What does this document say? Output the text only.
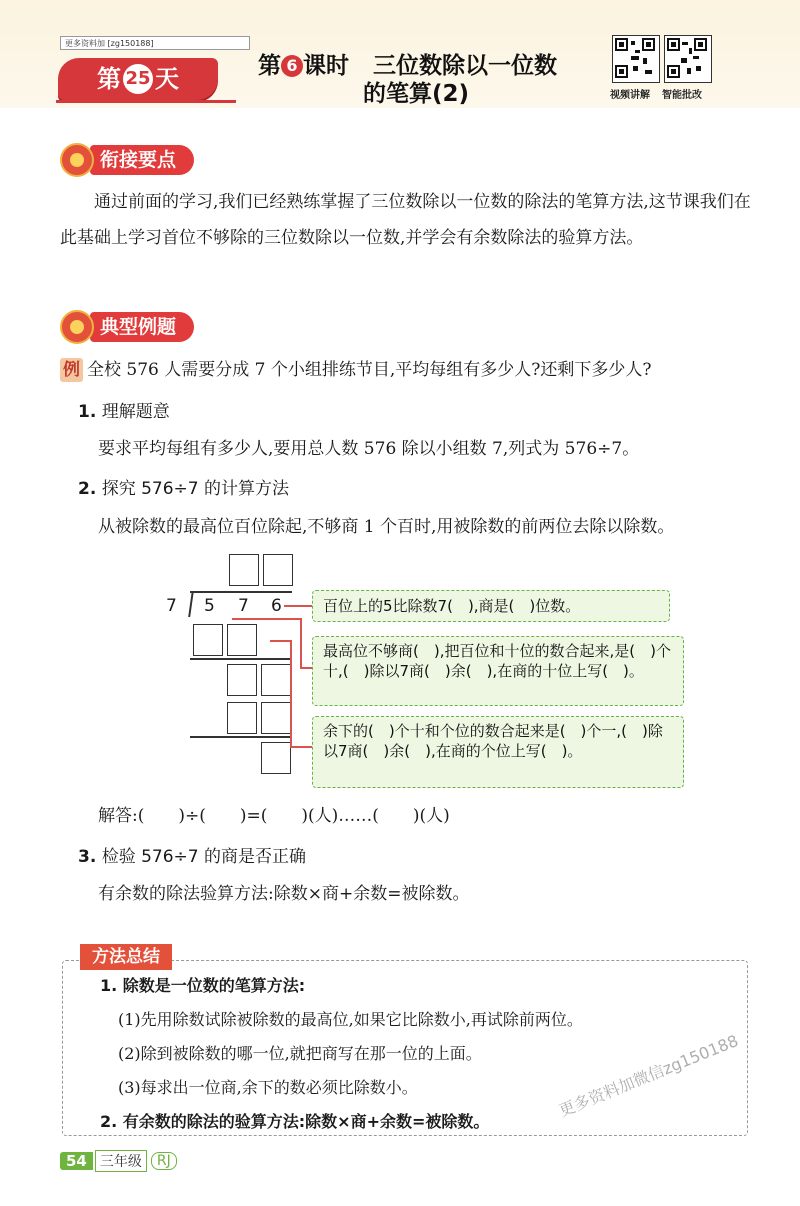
更多资料加 [zg150188]
第 25 天	第 6 课时 三位数除以一位数
的笔算(2)	视频讲解 智能批改
衔接要点
通过前面的学习,我们已经熟练掌握了三位数除以一位数的除法的笔算方法,这节课我们在此基础上学习首位不够除的三位数除以一位数,并学会有余数除法的验算方法。
典型例题
例 全校 576 人需要分成 7 个小组排练节目,平均每组有多少人?还剩下多少人?
1. 理解题意
要求平均每组有多少人,要用总人数 576 除以小组数 7,列式为 576÷7。
2. 探究 576÷7 的计算方法
从被除数的最高位百位除起,不够商 1 个百时,用被除数的前两位去除以除数。
7 5 7 6	百位上的5比除数7(　),商是(　)位数。
最高位不够商(　),把百位和十位的数合起来,是(　)个十,(　)除以7商(　)余(　),在商的十位上写(　)。
余下的(　)个十和个位的数合起来是(　)个一,(　)除以7商(　)余(　),在商的个位上写(　)。
解答:(　　)÷(　　)=(　　)(人)……(　　)(人)
3. 检验 576÷7 的商是否正确
有余数的除法验算方法:除数×商+余数=被除数。
方法总结
1. 除数是一位数的笔算方法:
(1)先用除数试除被除数的最高位,如果它比除数小,再试除前两位。
(2)除到被除数的哪一位,就把商写在那一位的上面。
(3)每求出一位商,余下的数必须比除数小。
2. 有余数的除法的验算方法:除数×商+余数=被除数。
更多资料加微信zg150188
54 三年级	RJ
